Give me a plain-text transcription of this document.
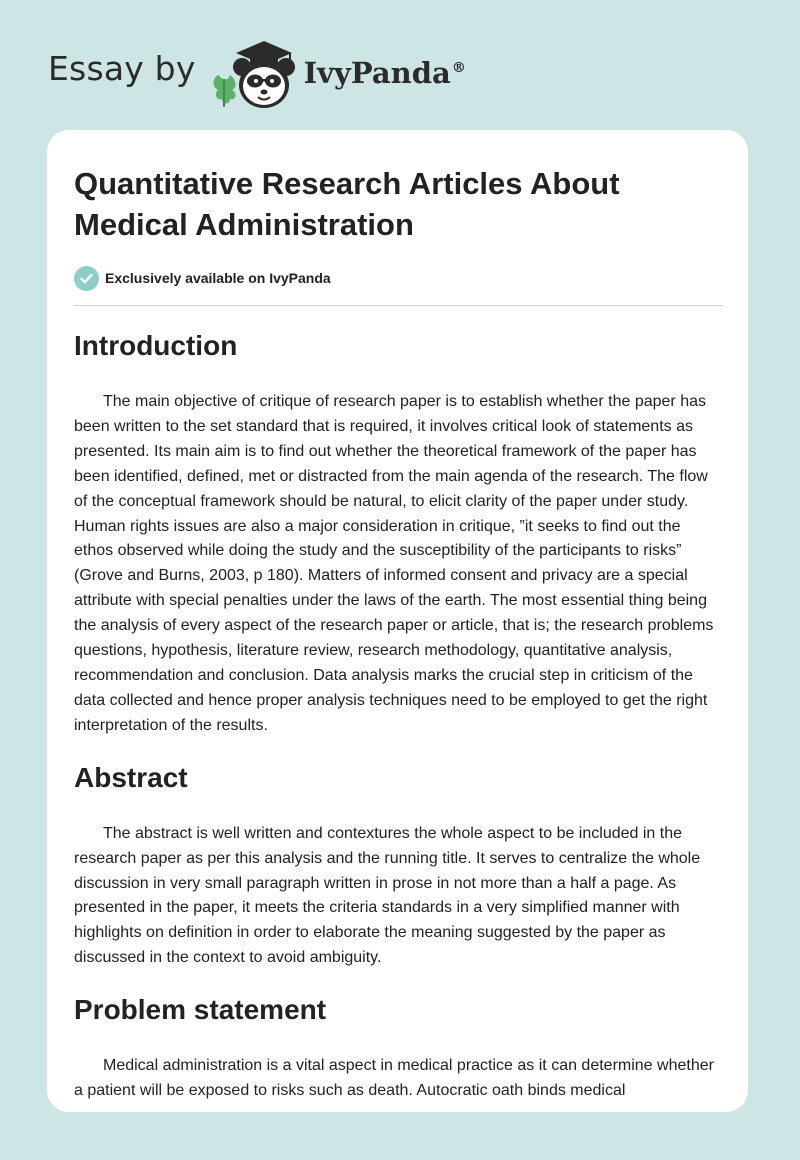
Essay by	IvyPanda®
Quantitative Research Articles About Medical Administration
Exclusively available on IvyPanda
Introduction

The main objective of critique of research paper is to establish whether the paper has been written to the set standard that is required, it involves critical look of statements as presented. Its main aim is to find out whether the theoretical framework of the paper has been identified, defined, met or distracted from the main agenda of the research. The flow of the conceptual framework should be natural, to elicit clarity of the paper under study. Human rights issues are also a major consideration in critique, ”it seeks to find out the ethos observed while doing the study and the susceptibility of the participants to risks” (Grove and Burns, 2003, p 180). Matters of informed consent and privacy are a special attribute with special penalties under the laws of the earth. The most essential thing being the analysis of every aspect of the research paper or article, that is; the research problems questions, hypothesis, literature review, research methodology, quantitative analysis, recommendation and conclusion. Data analysis marks the crucial step in criticism of the data collected and hence proper analysis techniques need to be employed to get the right interpretation of the results.

Abstract

The abstract is well written and contextures the whole aspect to be included in the research paper as per this analysis and the running title. It serves to centralize the whole discussion in very small paragraph written in prose in not more than a half a page. As presented in the paper, it meets the criteria standards in a very simplified manner with highlights on definition in order to elaborate the meaning suggested by the paper as discussed in the context to avoid ambiguity.

Problem statement

Medical administration is a vital aspect in medical practice as it can determine whether a patient will be exposed to risks such as death. Autocratic oath binds medical
